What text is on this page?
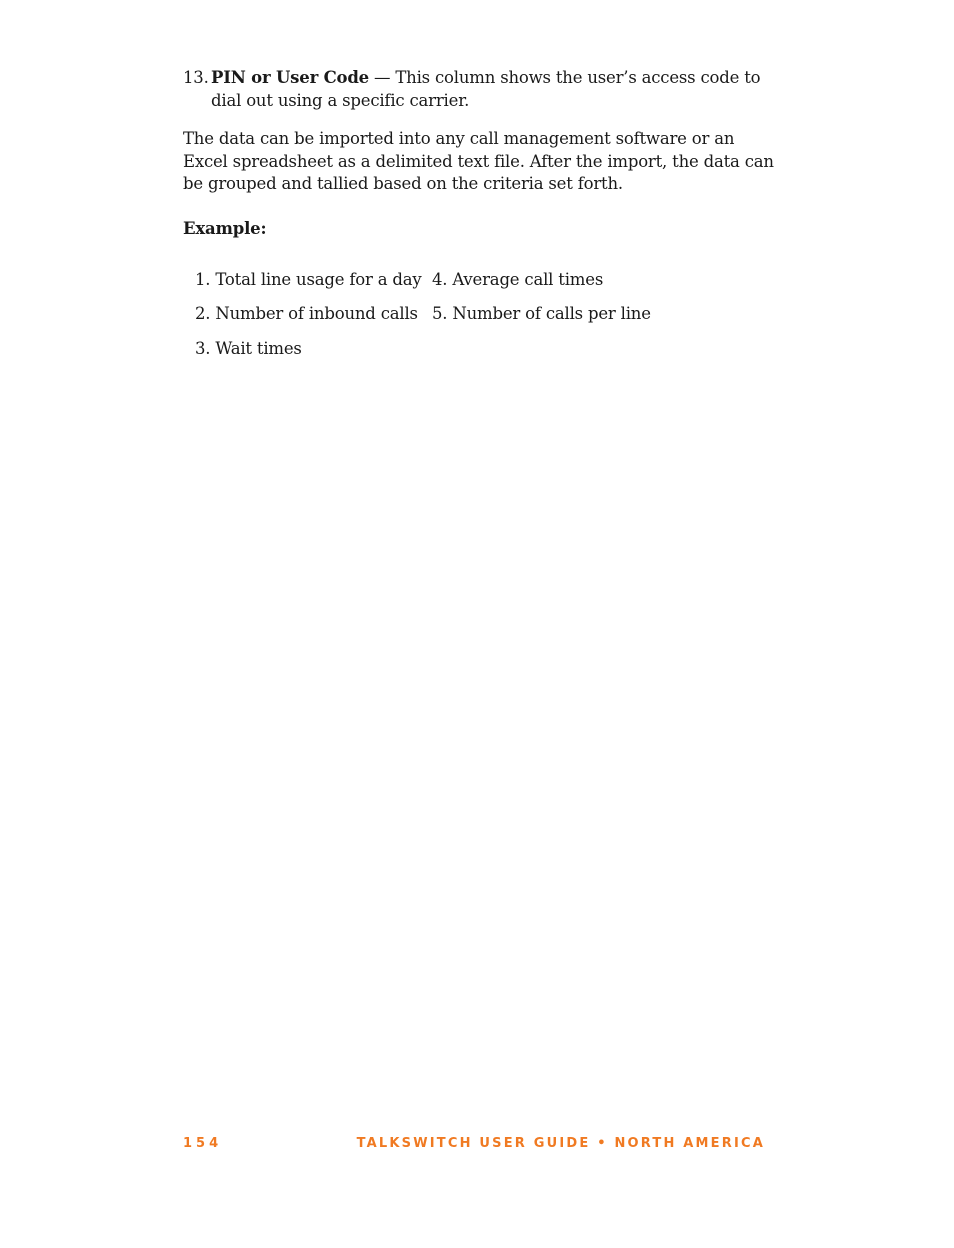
13. PIN or User Code — This column shows the user’s access code to dial out using a specific carrier.
The data can be imported into any call management software or an Excel spreadsheet as a delimited text file. After the import, the data can be grouped and tallied based on the criteria set forth.
Example:
1. Total line usage for a day
2. Number of inbound calls
3. Wait times
4. Average call times
5. Number of calls per line
154	TALKSWITCH USER GUIDE • NORTH AMERICA
